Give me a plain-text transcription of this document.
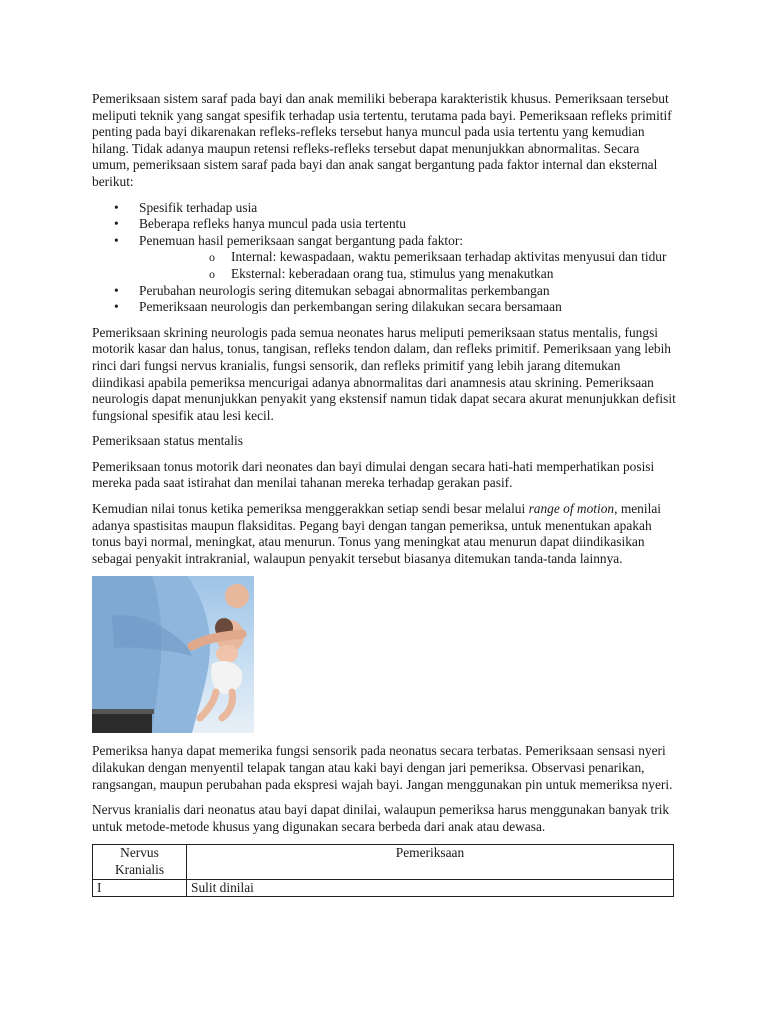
Pemeriksaan sistem saraf pada bayi dan anak memiliki beberapa karakteristik khusus. Pemeriksaan tersebut meliputi teknik yang sangat spesifik terhadap usia tertentu, terutama pada bayi. Pemeriksaan refleks primitif penting pada bayi dikarenakan refleks-refleks tersebut hanya muncul pada usia tertentu yang kemudian hilang. Tidak adanya maupun retensi refleks-refleks tersebut dapat menunjukkan abnormalitas. Secara umum, pemeriksaan sistem saraf pada bayi dan anak sangat bergantung pada faktor internal dan eksternal berikut:

• Spesifik terhadap usia
• Beberapa refleks hanya muncul pada usia tertentu
• Penemuan hasil pemeriksaan sangat bergantung pada faktor:
o Internal: kewaspadaan, waktu pemeriksaan terhadap aktivitas menyusui dan tidur
o Eksternal: keberadaan orang tua, stimulus yang menakutkan
• Perubahan neurologis sering ditemukan sebagai abnormalitas perkembangan
• Pemeriksaan neurologis dan perkembangan sering dilakukan secara bersamaan

Pemeriksaan skrining neurologis pada semua neonates harus meliputi pemeriksaan status mentalis, fungsi motorik kasar dan halus, tonus, tangisan, refleks tendon dalam, dan refleks primitif. Pemeriksaan yang lebih rinci dari fungsi nervus kranialis, fungsi sensorik, dan refleks primitif yang lebih jarang ditemukan diindikasi apabila pemeriksa mencurigai adanya abnormalitas dari anamnesis atau skrining. Pemeriksaan neurologis dapat menunjukkan penyakit yang ekstensif namun tidak dapat secara akurat menunjukkan defisit fungsional spesifik atau lesi kecil.

Pemeriksaan status mentalis

Pemeriksaan tonus motorik dari neonates dan bayi dimulai dengan secara hati-hati memperhatikan posisi mereka pada saat istirahat dan menilai tahanan mereka terhadap gerakan pasif.

Kemudian nilai tonus ketika pemeriksa menggerakkan setiap sendi besar melalui range of motion, menilai adanya spastisitas maupun flaksiditas. Pegang bayi dengan tangan pemeriksa, untuk menentukan apakah tonus bayi normal, meningkat, atau menurun. Tonus yang meningkat atau menurun dapat diindikasikan sebagai penyakit intrakranial, walaupun penyakit tersebut biasanya ditemukan tanda-tanda lainnya.

Pemeriksa hanya dapat memerika fungsi sensorik pada neonatus secara terbatas. Pemeriksaan sensasi nyeri dilakukan dengan menyentil telapak tangan atau kaki bayi dengan jari pemeriksa. Observasi penarikan, rangsangan, maupun perubahan pada ekspresi wajah bayi. Jangan menggunakan pin untuk memeriksa nyeri.

Nervus kranialis dari neonatus atau bayi dapat dinilai, walaupun pemeriksa harus menggunakan banyak trik untuk metode-metode khusus yang digunakan secara berbeda dari anak atau dewasa.

Nervus Kranialis	Pemeriksaan
I	Sulit dinilai
